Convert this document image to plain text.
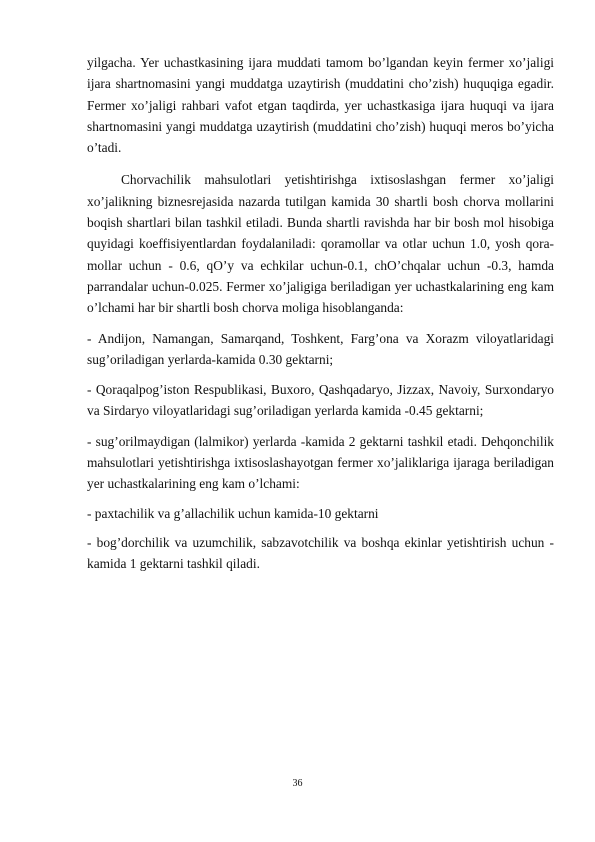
yilgacha. Yer uchastkasining ijara muddati tamom bo’lgandan keyin fermer xo’jaligi ijara shartnomasini yangi muddatga uzaytirish (muddatini cho’zish) huquqiga egadir. Fermer xo’jaligi rahbari vafot etgan taqdirda, yer uchastkasiga ijara huquqi va ijara shartnomasini yangi muddatga uzaytirish (muddatini cho’zish) huquqi meros bo’yicha o’tadi.

Chorvachilik mahsulotlari yetishtirishga ixtisoslashgan fermer xo’jaligi xo’jalikning biznesrejasida nazarda tutilgan kamida 30 shartli bosh chorva mollarini boqish shartlari bilan tashkil etiladi. Bunda shartli ravishda har bir bosh mol hisobiga quyidagi koeffisiyentlardan foydalaniladi: qoramollar va otlar uchun 1.0, yosh qora-mollar uchun - 0.6, qO’y va echkilar uchun-0.1, chO’chqalar uchun -0.3, hamda parrandalar uchun-0.025. Fermer xo’jaligiga beriladigan yer uchastkalarining eng kam o’lchami har bir shartli bosh chorva moliga hisoblanganda:

- Andijon, Namangan, Samarqand, Toshkent, Farg’ona va Xorazm viloyatlaridagi sug’oriladigan yerlarda-kamida 0.30 gektarni;

- Qoraqalpog’iston Respublikasi, Buxoro, Qashqadaryo, Jizzax, Navoiy, Surxondaryo va Sirdaryo viloyatlaridagi sug’oriladigan yerlarda kamida -0.45 gektarni;

- sug’orilmaydigan (lalmikor) yerlarda -kamida 2 gektarni tashkil etadi. Dehqonchilik mahsulotlari yetishtirishga ixtisoslashayotgan fermer xo’jaliklariga ijaraga beriladigan yer uchastkalarining eng kam o’lchami:

- paxtachilik va g’allachilik uchun kamida-10 gektarni

- bog’dorchilik va uzumchilik, sabzavotchilik va boshqa ekinlar yetishtirish uchun - kamida 1 gektarni tashkil qiladi.

36
